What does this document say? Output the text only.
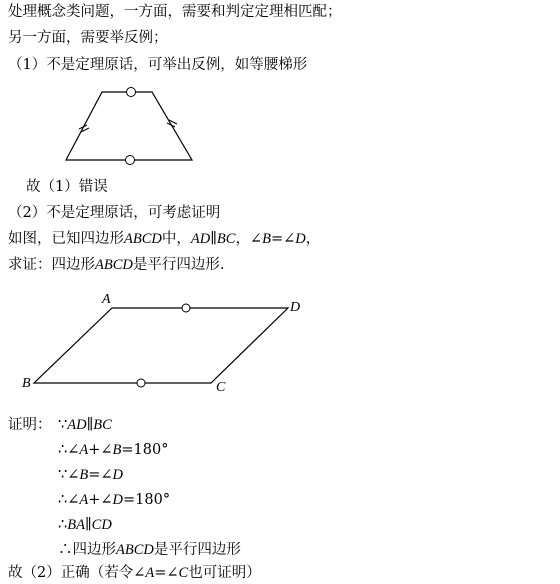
处理概念类问题，一方面，需要和判定定理相匹配；
另一方面，需要举反例；
（1）不是定理原话，可举出反例，如等腰梯形
故（1）错误
（2）不是定理原话，可考虑证明
如图，已知四边形ABCD中，AD∥BC，∠B=∠D，
求证：四边形ABCD是平行四边形.
A
D
B	C
证明： ∵AD∥BC
∴∠A+∠B=180°
∵∠B=∠D
∴∠A+∠D=180°
∴BA∥CD
∴四边形ABCD是平行四边形
故（2）正确（若令∠A=∠C也可证明）
